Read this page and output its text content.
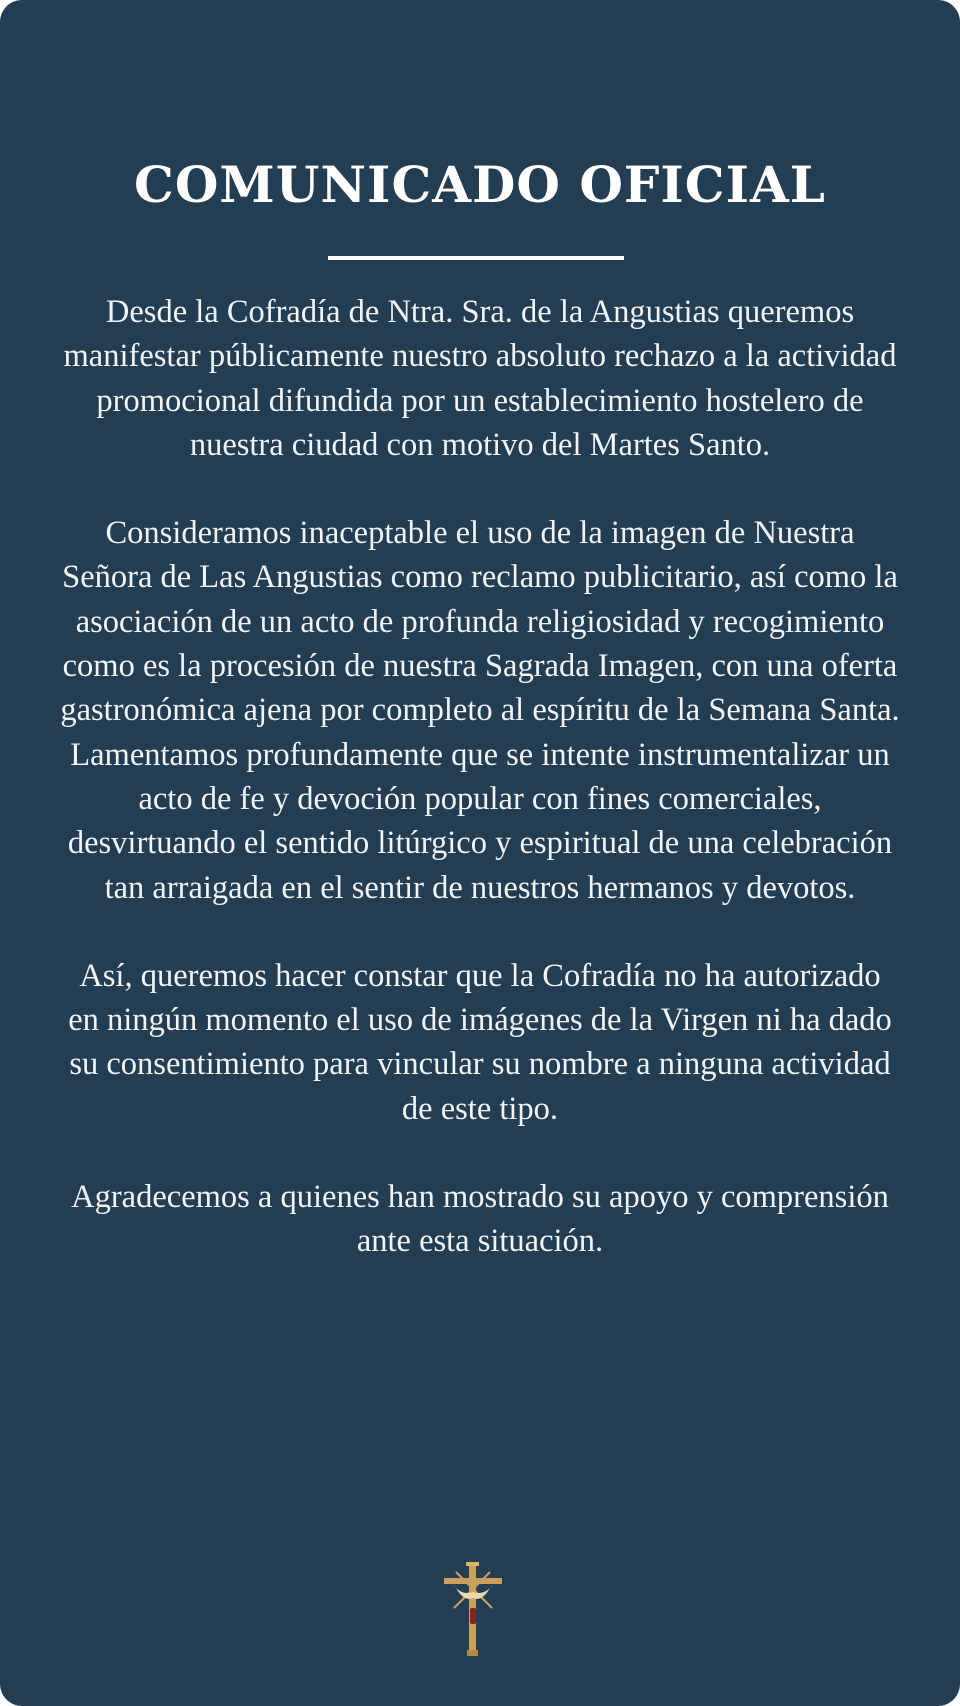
COMUNICADO OFICIAL

Desde la Cofradía de Ntra. Sra. de la Angustias queremos manifestar públicamente nuestro absoluto rechazo a la actividad promocional difundida por un establecimiento hostelero de nuestra ciudad con motivo del Martes Santo.

Consideramos inaceptable el uso de la imagen de Nuestra Señora de Las Angustias como reclamo publicitario, así como la asociación de un acto de profunda religiosidad y recogimiento como es la procesión de nuestra Sagrada Imagen, con una oferta gastronómica ajena por completo al espíritu de la Semana Santa. Lamentamos profundamente que se intente instrumentalizar un acto de fe y devoción popular con fines comerciales, desvirtuando el sentido litúrgico y espiritual de una celebración tan arraigada en el sentir de nuestros hermanos y devotos.

Así, queremos hacer constar que la Cofradía no ha autorizado en ningún momento el uso de imágenes de la Virgen ni ha dado su consentimiento para vincular su nombre a ninguna actividad de este tipo.

Agradecemos a quienes han mostrado su apoyo y comprensión ante esta situación.
